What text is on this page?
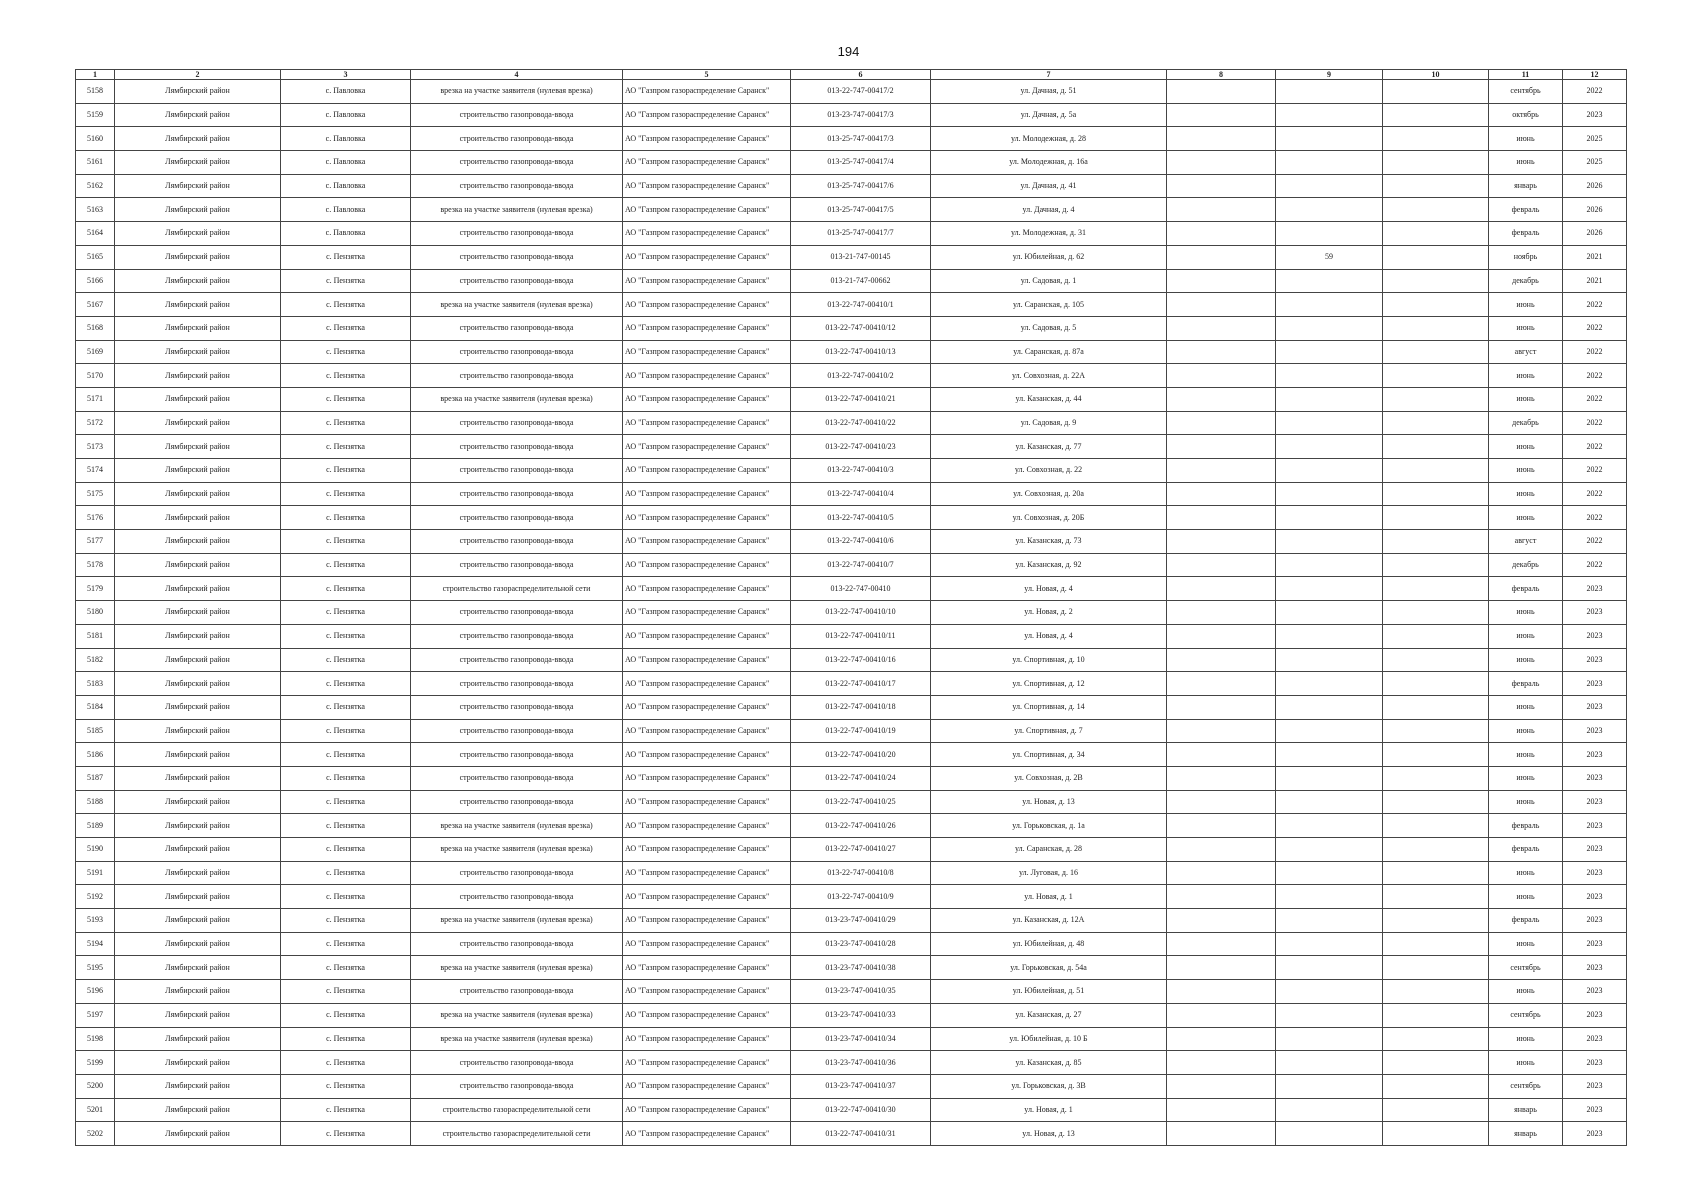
194
1	2	3	4	5	6	7	8	9	10	11	12
5158	Лямбирский район	с. Павловка	врезка на участке заявителя (нулевая врезка)	АО "Газпром газораспределение Саранск"	013-22-747-00417/2	ул. Дачная, д. 51				сентябрь	2022
5159	Лямбирский район	с. Павловка	строительство газопровода-ввода	АО "Газпром газораспределение Саранск"	013-23-747-00417/3	ул. Дачная, д. 5а				октябрь	2023
5160	Лямбирский район	с. Павловка	строительство газопровода-ввода	АО "Газпром газораспределение Саранск"	013-25-747-00417/3	ул. Молодежная, д. 28				июнь	2025
5161	Лямбирский район	с. Павловка	строительство газопровода-ввода	АО "Газпром газораспределение Саранск"	013-25-747-00417/4	ул. Молодежная, д. 16а				июнь	2025
5162	Лямбирский район	с. Павловка	строительство газопровода-ввода	АО "Газпром газораспределение Саранск"	013-25-747-00417/6	ул. Дачная, д. 41				январь	2026
5163	Лямбирский район	с. Павловка	врезка на участке заявителя (нулевая врезка)	АО "Газпром газораспределение Саранск"	013-25-747-00417/5	ул. Дачная, д. 4				февраль	2026
5164	Лямбирский район	с. Павловка	строительство газопровода-ввода	АО "Газпром газораспределение Саранск"	013-25-747-00417/7	ул. Молодежная, д. 31				февраль	2026
5165	Лямбирский район	с. Пензятка	строительство газопровода-ввода	АО "Газпром газораспределение Саранск"	013-21-747-00145	ул. Юбилейная, д. 62		59		ноябрь	2021
5166	Лямбирский район	с. Пензятка	строительство газопровода-ввода	АО "Газпром газораспределение Саранск"	013-21-747-00662	ул. Садовая, д. 1				декабрь	2021
5167	Лямбирский район	с. Пензятка	врезка на участке заявителя (нулевая врезка)	АО "Газпром газораспределение Саранск"	013-22-747-00410/1	ул. Саранская, д. 105				июнь	2022
5168	Лямбирский район	с. Пензятка	строительство газопровода-ввода	АО "Газпром газораспределение Саранск"	013-22-747-00410/12	ул. Садовая, д. 5				июнь	2022
5169	Лямбирский район	с. Пензятка	строительство газопровода-ввода	АО "Газпром газораспределение Саранск"	013-22-747-00410/13	ул. Саранская, д. 87а				август	2022
5170	Лямбирский район	с. Пензятка	строительство газопровода-ввода	АО "Газпром газораспределение Саранск"	013-22-747-00410/2	ул. Совхозная, д. 22А				июнь	2022
5171	Лямбирский район	с. Пензятка	врезка на участке заявителя (нулевая врезка)	АО "Газпром газораспределение Саранск"	013-22-747-00410/21	ул. Казанская, д. 44				июнь	2022
5172	Лямбирский район	с. Пензятка	строительство газопровода-ввода	АО "Газпром газораспределение Саранск"	013-22-747-00410/22	ул. Садовая, д. 9				декабрь	2022
5173	Лямбирский район	с. Пензятка	строительство газопровода-ввода	АО "Газпром газораспределение Саранск"	013-22-747-00410/23	ул. Казанская, д. 77				июнь	2022
5174	Лямбирский район	с. Пензятка	строительство газопровода-ввода	АО "Газпром газораспределение Саранск"	013-22-747-00410/3	ул. Совхозная, д. 22				июнь	2022
5175	Лямбирский район	с. Пензятка	строительство газопровода-ввода	АО "Газпром газораспределение Саранск"	013-22-747-00410/4	ул. Совхозная, д. 20а				июнь	2022
5176	Лямбирский район	с. Пензятка	строительство газопровода-ввода	АО "Газпром газораспределение Саранск"	013-22-747-00410/5	ул. Совхозная, д. 20Б				июнь	2022
5177	Лямбирский район	с. Пензятка	строительство газопровода-ввода	АО "Газпром газораспределение Саранск"	013-22-747-00410/6	ул. Казанская, д. 73				август	2022
5178	Лямбирский район	с. Пензятка	строительство газопровода-ввода	АО "Газпром газораспределение Саранск"	013-22-747-00410/7	ул. Казанская, д. 92				декабрь	2022
5179	Лямбирский район	с. Пензятка	строительство газораспределительной сети	АО "Газпром газораспределение Саранск"	013-22-747-00410	ул. Новая, д. 4				февраль	2023
5180	Лямбирский район	с. Пензятка	строительство газопровода-ввода	АО "Газпром газораспределение Саранск"	013-22-747-00410/10	ул. Новая, д. 2				июнь	2023
5181	Лямбирский район	с. Пензятка	строительство газопровода-ввода	АО "Газпром газораспределение Саранск"	013-22-747-00410/11	ул. Новая, д. 4				июнь	2023
5182	Лямбирский район	с. Пензятка	строительство газопровода-ввода	АО "Газпром газораспределение Саранск"	013-22-747-00410/16	ул. Спортивная, д. 10				июнь	2023
5183	Лямбирский район	с. Пензятка	строительство газопровода-ввода	АО "Газпром газораспределение Саранск"	013-22-747-00410/17	ул. Спортивная, д. 12				февраль	2023
5184	Лямбирский район	с. Пензятка	строительство газопровода-ввода	АО "Газпром газораспределение Саранск"	013-22-747-00410/18	ул. Спортивная, д. 14				июнь	2023
5185	Лямбирский район	с. Пензятка	строительство газопровода-ввода	АО "Газпром газораспределение Саранск"	013-22-747-00410/19	ул. Спортивная, д. 7				июнь	2023
5186	Лямбирский район	с. Пензятка	строительство газопровода-ввода	АО "Газпром газораспределение Саранск"	013-22-747-00410/20	ул. Спортивная, д. 34				июнь	2023
5187	Лямбирский район	с. Пензятка	строительство газопровода-ввода	АО "Газпром газораспределение Саранск"	013-22-747-00410/24	ул. Совхозная, д. 2В				июнь	2023
5188	Лямбирский район	с. Пензятка	строительство газопровода-ввода	АО "Газпром газораспределение Саранск"	013-22-747-00410/25	ул. Новая, д. 13				июнь	2023
5189	Лямбирский район	с. Пензятка	врезка на участке заявителя (нулевая врезка)	АО "Газпром газораспределение Саранск"	013-22-747-00410/26	ул. Горьковская, д. 1а				февраль	2023
5190	Лямбирский район	с. Пензятка	врезка на участке заявителя (нулевая врезка)	АО "Газпром газораспределение Саранск"	013-22-747-00410/27	ул. Саранская, д. 28				февраль	2023
5191	Лямбирский район	с. Пензятка	строительство газопровода-ввода	АО "Газпром газораспределение Саранск"	013-22-747-00410/8	ул. Луговая, д. 16				июнь	2023
5192	Лямбирский район	с. Пензятка	строительство газопровода-ввода	АО "Газпром газораспределение Саранск"	013-22-747-00410/9	ул. Новая, д. 1				июнь	2023
5193	Лямбирский район	с. Пензятка	врезка на участке заявителя (нулевая врезка)	АО "Газпром газораспределение Саранск"	013-23-747-00410/29	ул. Казанская, д. 12А				февраль	2023
5194	Лямбирский район	с. Пензятка	строительство газопровода-ввода	АО "Газпром газораспределение Саранск"	013-23-747-00410/28	ул. Юбилейная, д. 48				июнь	2023
5195	Лямбирский район	с. Пензятка	врезка на участке заявителя (нулевая врезка)	АО "Газпром газораспределение Саранск"	013-23-747-00410/38	ул. Горьковская, д. 54а				сентябрь	2023
5196	Лямбирский район	с. Пензятка	строительство газопровода-ввода	АО "Газпром газораспределение Саранск"	013-23-747-00410/35	ул. Юбилейная, д. 51				июнь	2023
5197	Лямбирский район	с. Пензятка	врезка на участке заявителя (нулевая врезка)	АО "Газпром газораспределение Саранск"	013-23-747-00410/33	ул. Казанская, д. 27				сентябрь	2023
5198	Лямбирский район	с. Пензятка	врезка на участке заявителя (нулевая врезка)	АО "Газпром газораспределение Саранск"	013-23-747-00410/34	ул. Юбилейная, д. 10 Б				июнь	2023
5199	Лямбирский район	с. Пензятка	строительство газопровода-ввода	АО "Газпром газораспределение Саранск"	013-23-747-00410/36	ул. Казанская, д. 85				июнь	2023
5200	Лямбирский район	с. Пензятка	строительство газопровода-ввода	АО "Газпром газораспределение Саранск"	013-23-747-00410/37	ул. Горьковская, д. 3В				сентябрь	2023
5201	Лямбирский район	с. Пензятка	строительство газораспределительной сети	АО "Газпром газораспределение Саранск"	013-22-747-00410/30	ул. Новая, д. 1				январь	2023
5202	Лямбирский район	с. Пензятка	строительство газораспределительной сети	АО "Газпром газораспределение Саранск"	013-22-747-00410/31	ул. Новая, д. 13				январь	2023
